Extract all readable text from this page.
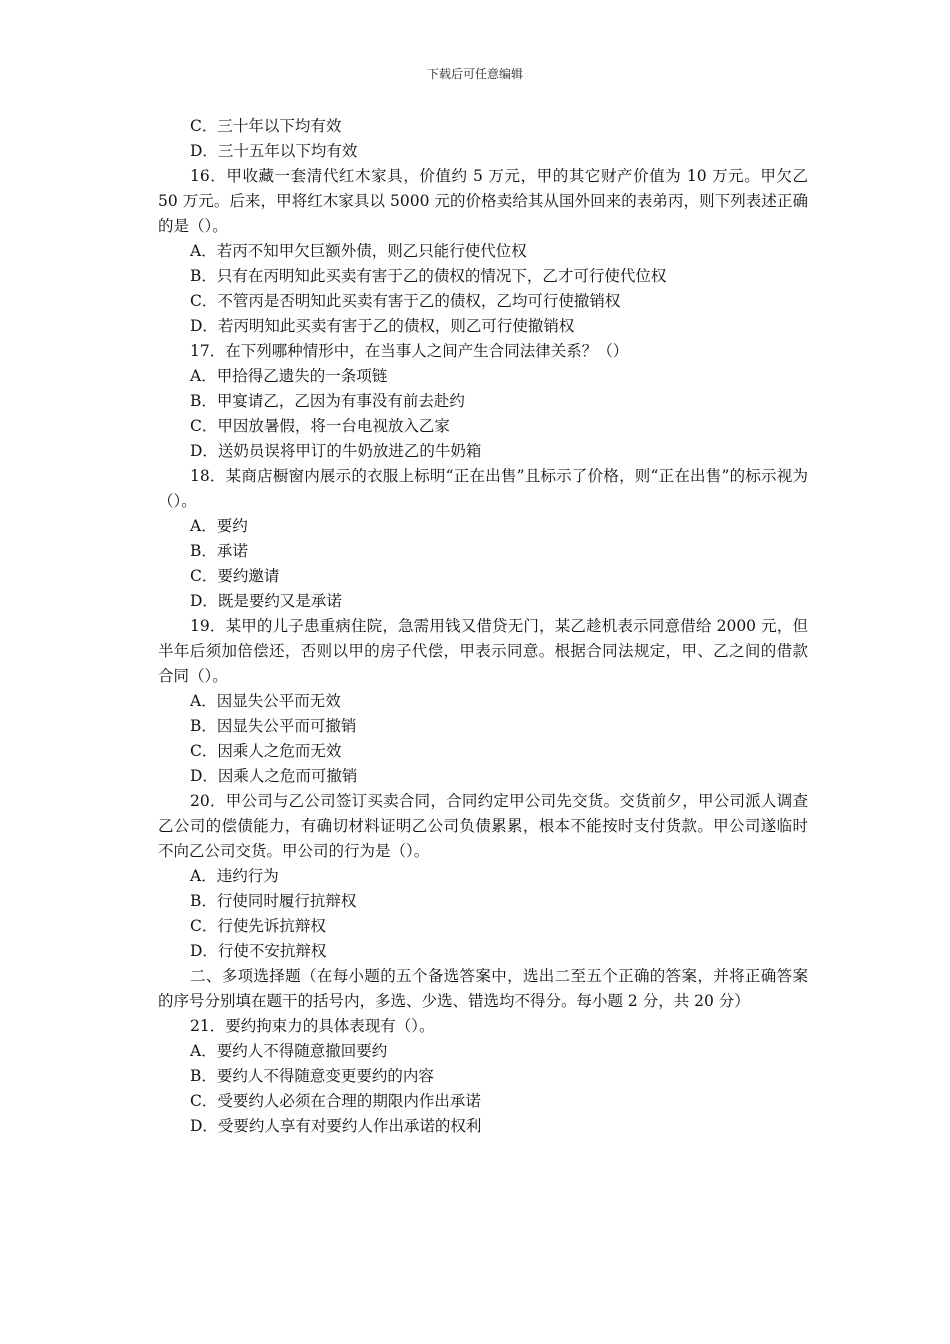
下载后可任意编辑

C．三十年以下均有效

D．三十五年以下均有效

16．甲收藏一套清代红木家具，价值约 5 万元，甲的其它财产价值为 10 万元。甲欠乙 50 万元。后来，甲将红木家具以 5000 元的价格卖给其从国外回来的表弟丙，则下列表述正确的是（）。

A．若丙不知甲欠巨额外债，则乙只能行使代位权

B．只有在丙明知此买卖有害于乙的债权的情况下，乙才可行使代位权

C．不管丙是否明知此买卖有害于乙的债权，乙均可行使撤销权

D．若丙明知此买卖有害于乙的债权，则乙可行使撤销权

17．在下列哪种情形中，在当事人之间产生合同法律关系？（）

A．甲拾得乙遗失的一条项链

B．甲宴请乙，乙因为有事没有前去赴约

C．甲因放暑假，将一台电视放入乙家

D．送奶员误将甲订的牛奶放进乙的牛奶箱

18．某商店橱窗内展示的衣服上标明“正在出售”且标示了价格，则“正在出售”的标示视为（）。

A．要约

B．承诺

C．要约邀请

D．既是要约又是承诺

19．某甲的儿子患重病住院，急需用钱又借贷无门，某乙趁机表示同意借给 2000 元，但半年后须加倍偿还，否则以甲的房子代偿，甲表示同意。根据合同法规定，甲、乙之间的借款合同（）。

A．因显失公平而无效

B．因显失公平而可撤销

C．因乘人之危而无效

D．因乘人之危而可撤销

20．甲公司与乙公司签订买卖合同，合同约定甲公司先交货。交货前夕，甲公司派人调查乙公司的偿债能力，有确切材料证明乙公司负债累累，根本不能按时支付货款。甲公司遂临时不向乙公司交货。甲公司的行为是（）。

A．违约行为

B．行使同时履行抗辩权

C．行使先诉抗辩权

D．行使不安抗辩权

二、多项选择题（在每小题的五个备选答案中，选出二至五个正确的答案，并将正确答案的序号分别填在题干的括号内，多选、少选、错选均不得分。每小题 2 分，共 20 分）

21．要约拘束力的具体表现有（）。

A．要约人不得随意撤回要约

B．要约人不得随意变更要约的内容

C．受要约人必须在合理的期限内作出承诺

D．受要约人享有对要约人作出承诺的权利
